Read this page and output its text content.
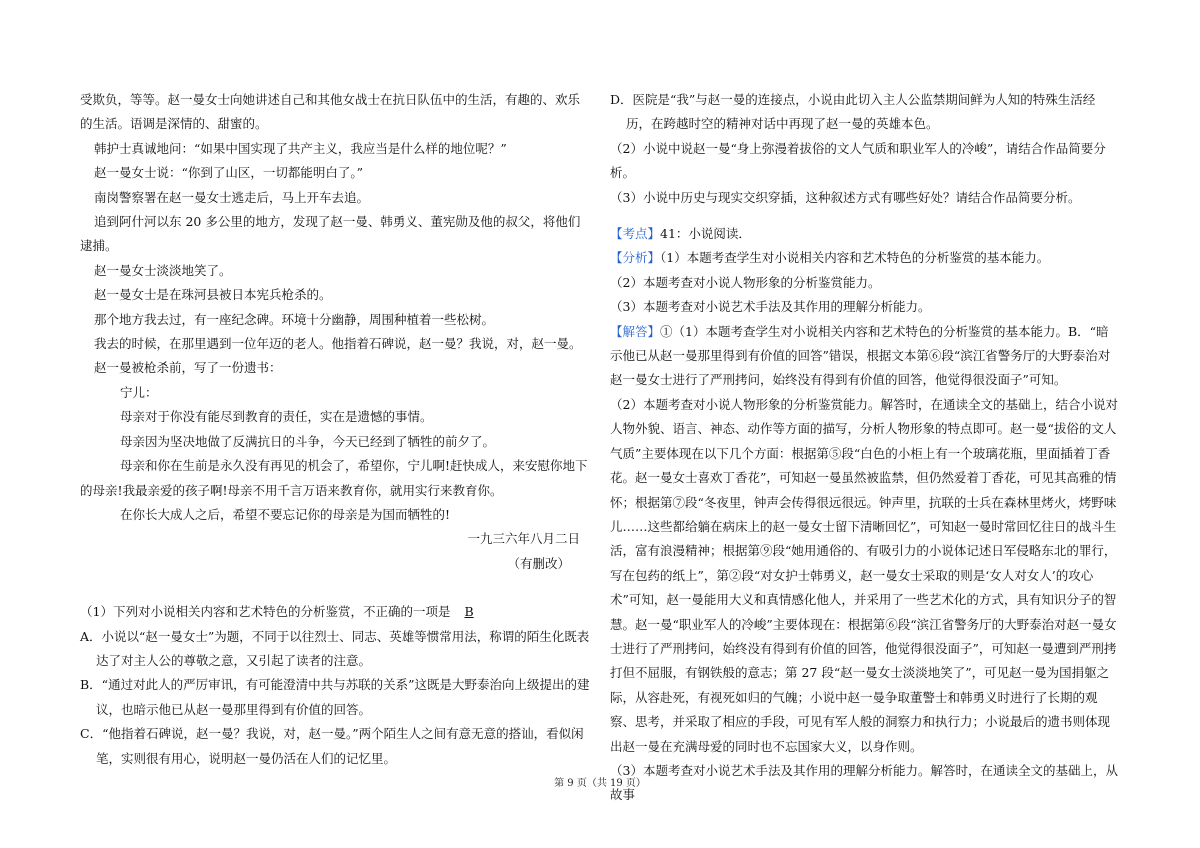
受欺负，等等。赵一曼女士向她讲述自己和其他女战士在抗日队伍中的生活，有趣的、欢乐的生活。语调是深情的、甜蜜的。

韩护士真诚地问：“如果中国实现了共产主义，我应当是什么样的地位呢？”

赵一曼女士说：“你到了山区，一切都能明白了。”

南岗警察署在赵一曼女士逃走后，马上开车去追。

追到阿什河以东 20 多公里的地方，发现了赵一曼、韩勇义、董宪勋及他的叔父，将他们逮捕。

赵一曼女士淡淡地笑了。

赵一曼女士是在珠河县被日本宪兵枪杀的。

那个地方我去过，有一座纪念碑。环境十分幽静，周围种植着一些松树。

我去的时候，在那里遇到一位年迈的老人。他指着石碑说，赵一曼？我说，对，赵一曼。

赵一曼被枪杀前，写了一份遗书：

宁儿：

母亲对于你没有能尽到教育的责任，实在是遗憾的事情。

母亲因为坚决地做了反满抗日的斗争，今天已经到了牺牲的前夕了。

母亲和你在生前是永久没有再见的机会了，希望你，宁儿啊!赶快成人，来安慰你地下的母亲!我最亲爱的孩子啊!母亲不用千言万语来教育你，就用实行来教育你。

在你长大成人之后，希望不要忘记你的母亲是为国而牺牲的!

一九三六年八月二日

（有删改）

（1）下列对小说相关内容和艺术特色的分析鉴赏，不正确的一项是 B

A．小说以“赵一曼女士”为题，不同于以往烈士、同志、英雄等惯常用法，称谓的陌生化既表达了对主人公的尊敬之意，又引起了读者的注意。

B．“通过对此人的严厉审讯，有可能澄清中共与苏联的关系”这既是大野泰治向上级提出的建议，也暗示他已从赵一曼那里得到有价值的回答。

C．“他指着石碑说，赵一曼？我说，对，赵一曼。”两个陌生人之间有意无意的搭讪，看似闲笔，实则很有用心，说明赵一曼仍活在人们的记忆里。

D．医院是“我”与赵一曼的连接点，小说由此切入主人公监禁期间鲜为人知的特殊生活经历，在跨越时空的精神对话中再现了赵一曼的英雄本色。

（2）小说中说赵一曼“身上弥漫着拔俗的文人气质和职业军人的冷峻”，请结合作品简要分析。

（3）小说中历史与现实交织穿插，这种叙述方式有哪些好处？请结合作品简要分析。

【考点】41：小说阅读．

【分析】（1）本题考查学生对小说相关内容和艺术特色的分析鉴赏的基本能力。

（2）本题考查对小说人物形象的分析鉴赏能力。

（3）本题考查对小说艺术手法及其作用的理解分析能力。

【解答】①（1）本题考查学生对小说相关内容和艺术特色的分析鉴赏的基本能力。B．“暗示他已从赵一曼那里得到有价值的回答”错误，根据文本第⑥段“滨江省警务厅的大野泰治对赵一曼女士进行了严刑拷问，始终没有得到有价值的回答，他觉得很没面子”可知。

（2）本题考查对小说人物形象的分析鉴赏能力。解答时，在通读全文的基础上，结合小说对人物外貌、语言、神态、动作等方面的描写，分析人物形象的特点即可。赵一曼“拔俗的文人气质”主要体现在以下几个方面：根据第⑤段“白色的小柜上有一个玻璃花瓶，里面插着丁香花。赵一曼女士喜欢丁香花”，可知赵一曼虽然被监禁，但仍然爱着丁香花，可见其高雅的情怀；根据第⑦段“冬夜里，钟声会传得很远很远。钟声里，抗联的士兵在森林里烤火，烤野味儿……这些都给躺在病床上的赵一曼女士留下清晰回忆”，可知赵一曼时常回忆往日的战斗生活，富有浪漫精神；根据第⑨段“她用通俗的、有吸引力的小说体记述日军侵略东北的罪行，写在包药的纸上”，第②段“对女护士韩勇义，赵一曼女士采取的则是‘女人对女人’的攻心术”可知，赵一曼能用大义和真情感化他人，并采用了一些艺术化的方式，具有知识分子的智慧。赵一曼“职业军人的冷峻”主要体现在：根据第⑥段“滨江省警务厅的大野泰治对赵一曼女士进行了严刑拷问，始终没有得到有价值的回答，他觉得很没面子”，可知赵一曼遭到严刑拷打但不屈服，有钢铁般的意志；第 27 段“赵一曼女士淡淡地笑了”，可见赵一曼为国捐躯之际，从容赴死，有视死如归的气魄；小说中赵一曼争取董警士和韩勇义时进行了长期的观察、思考，并采取了相应的手段，可见有军人般的洞察力和执行力；小说最后的遗书则体现出赵一曼在充满母爱的同时也不忘国家大义，以身作则。

（3）本题考查对小说艺术手法及其作用的理解分析能力。解答时，在通读全文的基础上，从故事

第 9 页（共 19 页）
